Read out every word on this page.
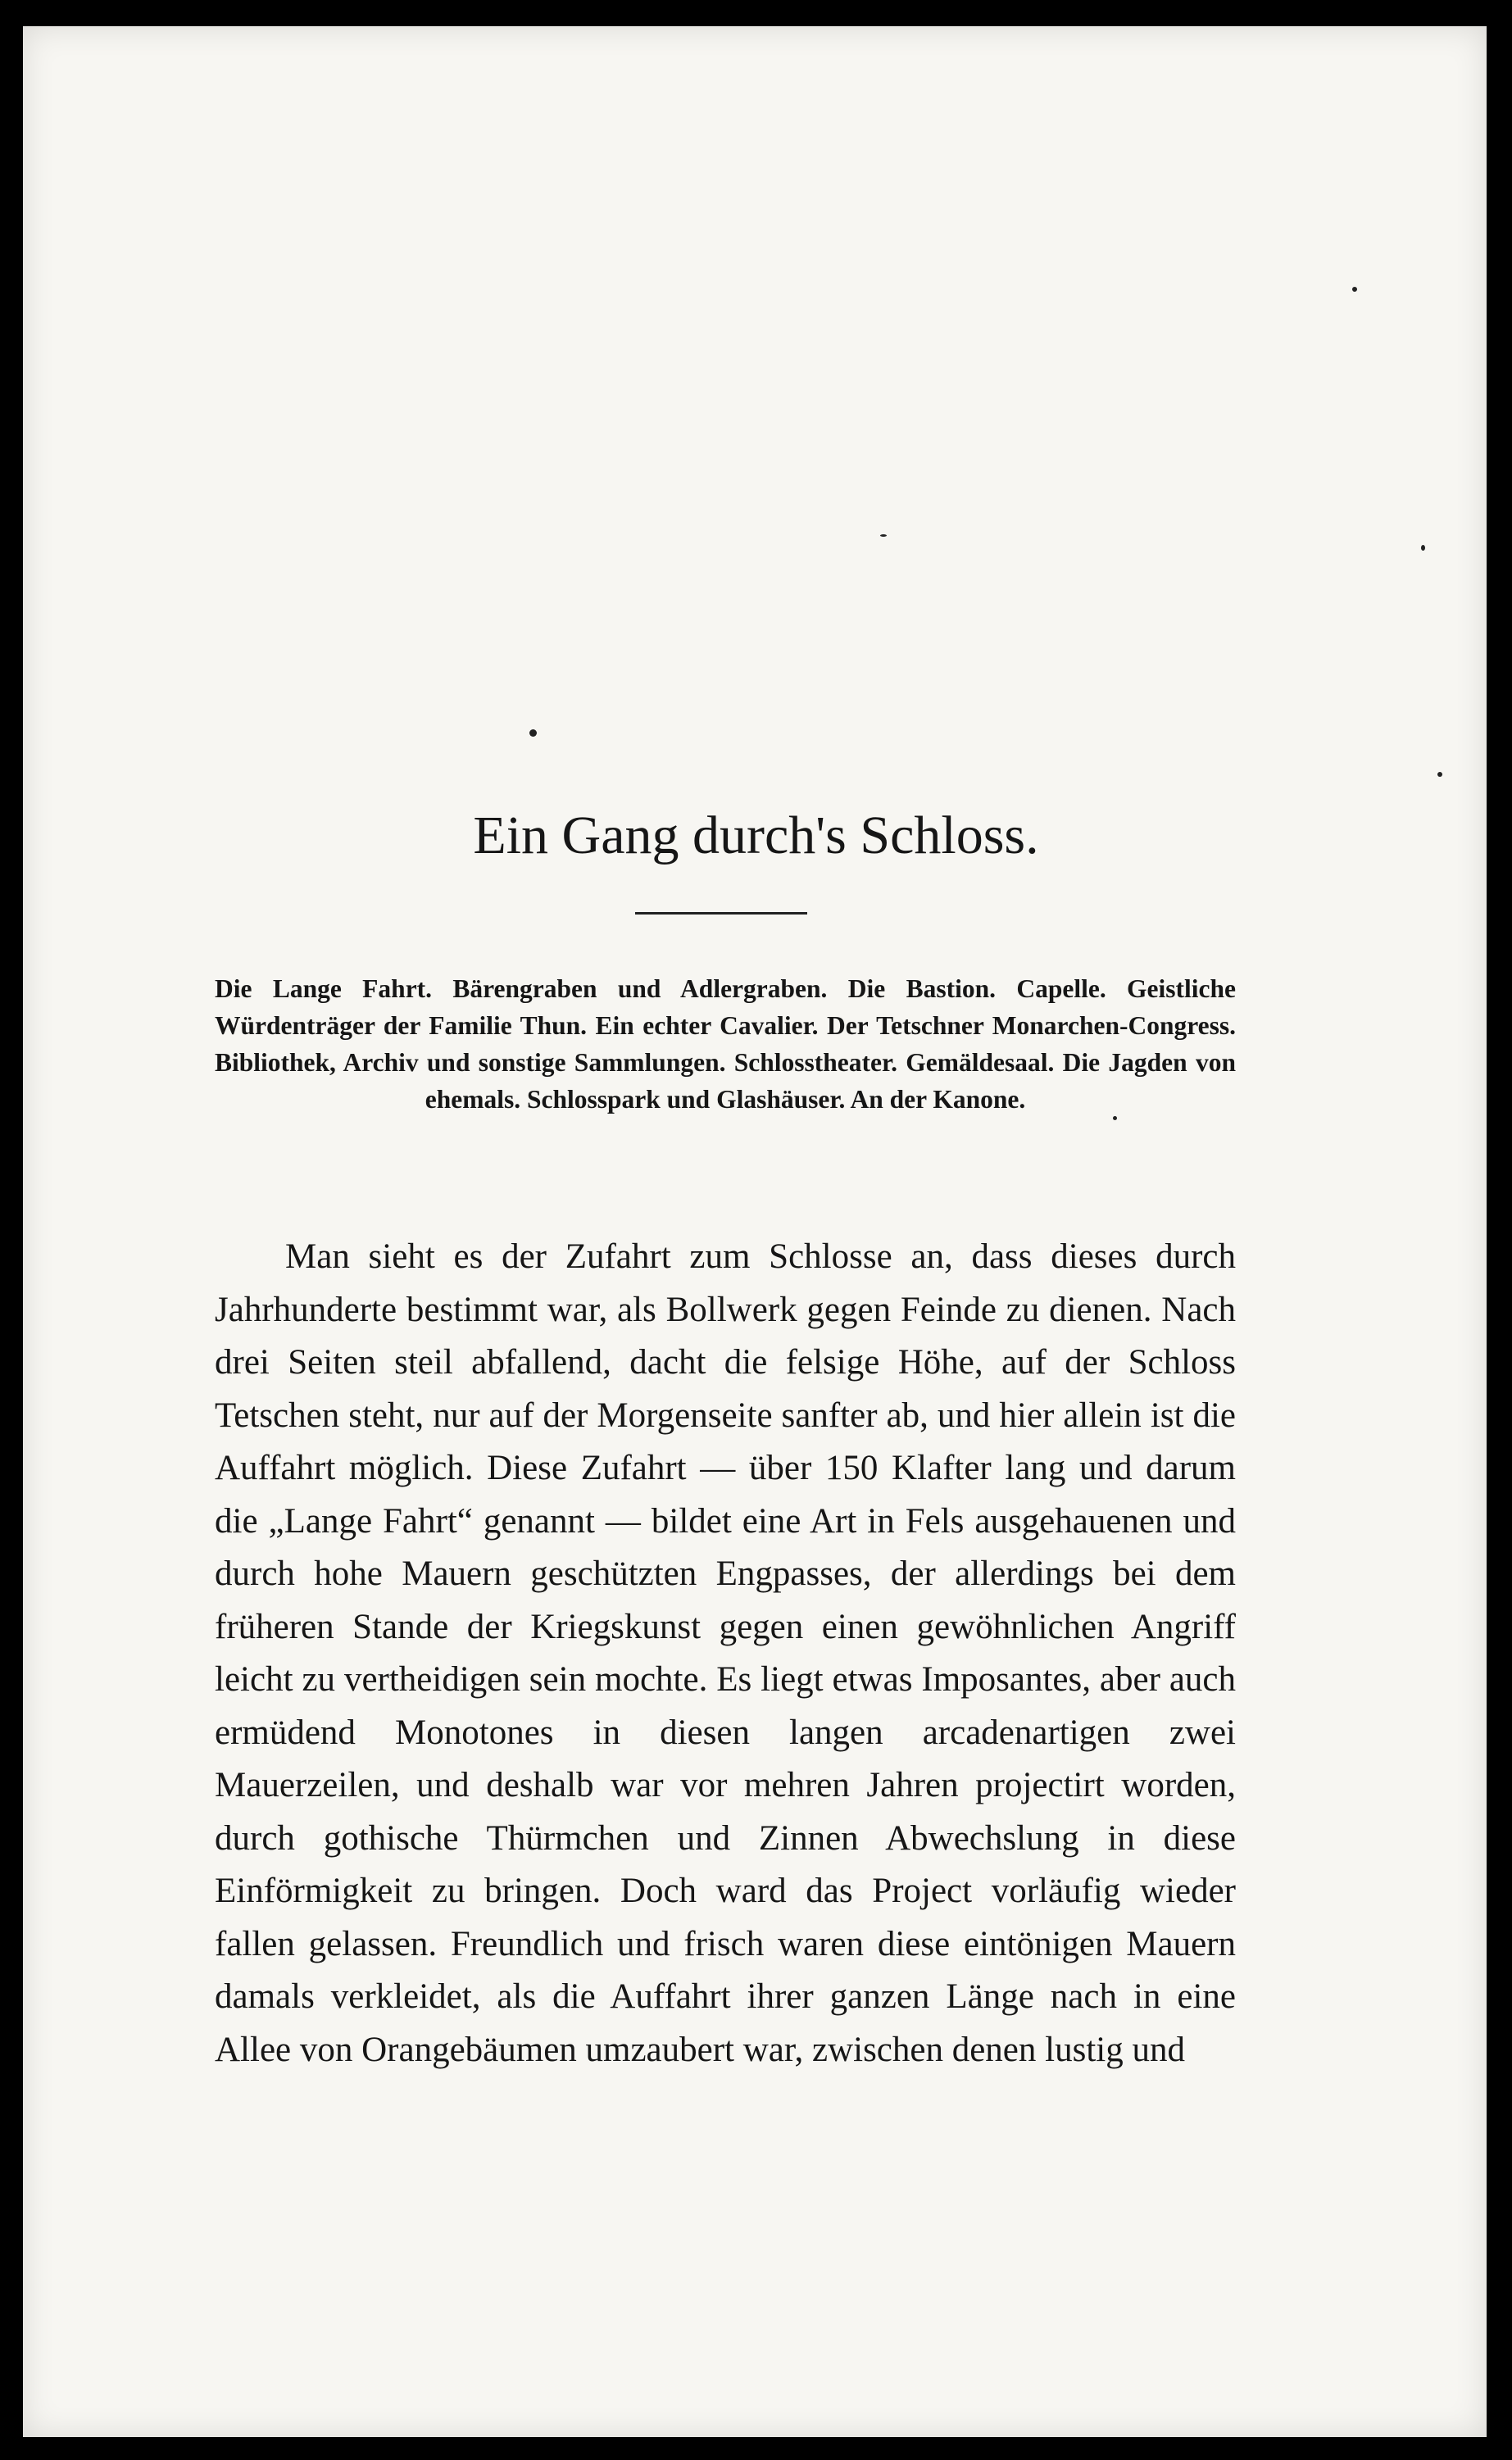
Ein Gang durch's Schloss.
Die Lange Fahrt. Bärengraben und Adlergraben. Die Bastion. Capelle. Geistliche Würdenträger der Familie Thun. Ein echter Cavalier. Der Tetschner Monarchen-Congress. Bibliothek, Archiv und sonstige Sammlungen. Schlosstheater. Gemäldesaal. Die Jagden von ehemals. Schlosspark und Glashäuser. An der Kanone.

Man sieht es der Zufahrt zum Schlosse an, dass dieses durch Jahrhunderte bestimmt war, als Bollwerk gegen Feinde zu dienen. Nach drei Seiten steil abfallend, dacht die felsige Höhe, auf der Schloss Tetschen steht, nur auf der Morgenseite sanfter ab, und hier allein ist die Auffahrt möglich. Diese Zufahrt — über 150 Klafter lang und darum die „Lange Fahrt“ genannt — bildet eine Art in Fels ausgehauenen und durch hohe Mauern geschützten Engpasses, der allerdings bei dem früheren Stande der Kriegskunst gegen einen gewöhnlichen Angriff leicht zu vertheidigen sein mochte. Es liegt etwas Imposantes, aber auch ermüdend Monotones in diesen langen arcadenartigen zwei Mauerzeilen, und deshalb war vor mehren Jahren projectirt worden, durch gothische Thürmchen und Zinnen Abwechslung in diese Einförmigkeit zu bringen. Doch ward das Project vorläufig wieder fallen gelassen. Freundlich und frisch waren diese eintönigen Mauern damals verkleidet, als die Auffahrt ihrer ganzen Länge nach in eine Allee von Orangebäumen umzaubert war, zwischen denen lustig und
